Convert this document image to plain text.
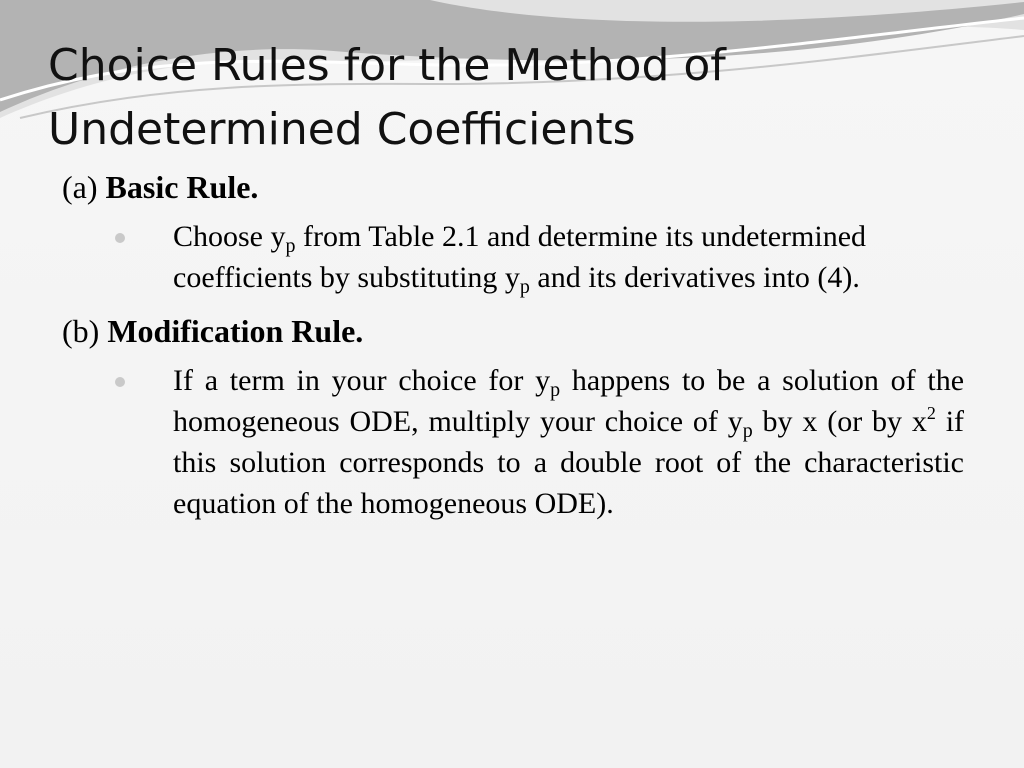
Choice Rules for the Method of
Undetermined Coefficients

(a) Basic Rule.

Choose $y_p$ from Table 2.1 and determine its undetermined coefficients by substituting $y_p$ and its derivatives into (4).

(b) Modification Rule.

If a term in your choice for $y_p$ happens to be a solution of the homogeneous ODE, multiply your choice of $y_p$ by x (or by $x^2$ if this solution corresponds to a double root of the characteristic equation of the homogeneous ODE).
